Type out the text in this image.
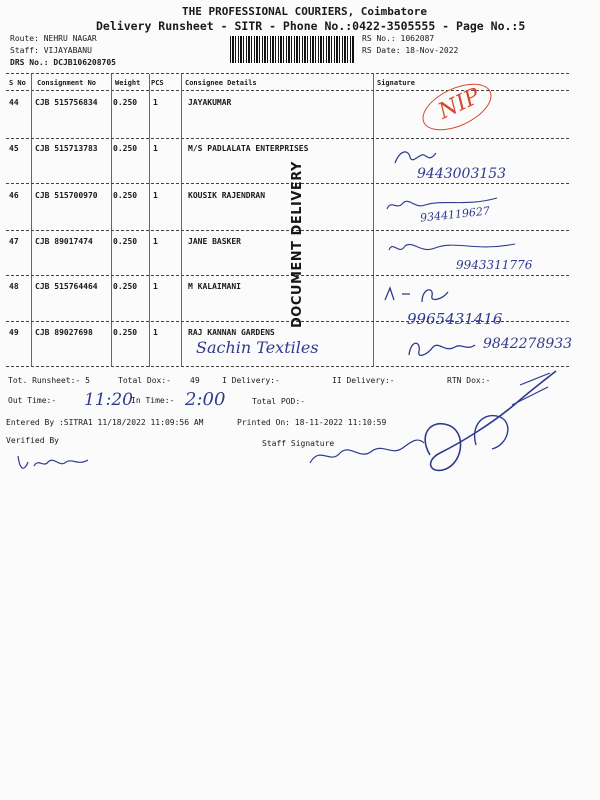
THE PROFESSIONAL COURIERS, Coimbatore
Delivery Runsheet - SITR - Phone No.:0422-3505555 - Page No.:5
Route: NEHRU NAGAR
Staff: VIJAYABANU
DRS No.: DCJB106208705
RS No.: 1062087
RS Date: 18-Nov-2022
S No Consignment No	Weight PCS	Consignee Details	Signature
44 CJB 515756834 0.250 1	JAYAKUMAR
45 CJB 515713783 0.250 1	M/S PADLALATA ENTERPRISES
46 CJB 515700970 0.250 1	KOUSIK RAJENDRAN
47 CJB 89017474	0.250 1	JANE BASKER
48 CJB 515764464 0.250 1	M KALAIMANI
49 CJB 89027698	0.250 1	RAJ KANNAN GARDENS
Sachin Textiles
DOCUMENT DELIVERY
NIP
9443003153
9344119627
9943311776
9965431416
9842278933
Tot. Runsheet:- 5	Total Dox:- 49	I Delivery:-	II Delivery:-	RTN Dox:-
Out Time:- 11:20
In Time:- 2:00	Total POD:-
Entered By :SITRA1 11/18/2022 11:09:56 AM	Printed On: 18-11-2022 11:10:59
Verified By	Staff Signature
